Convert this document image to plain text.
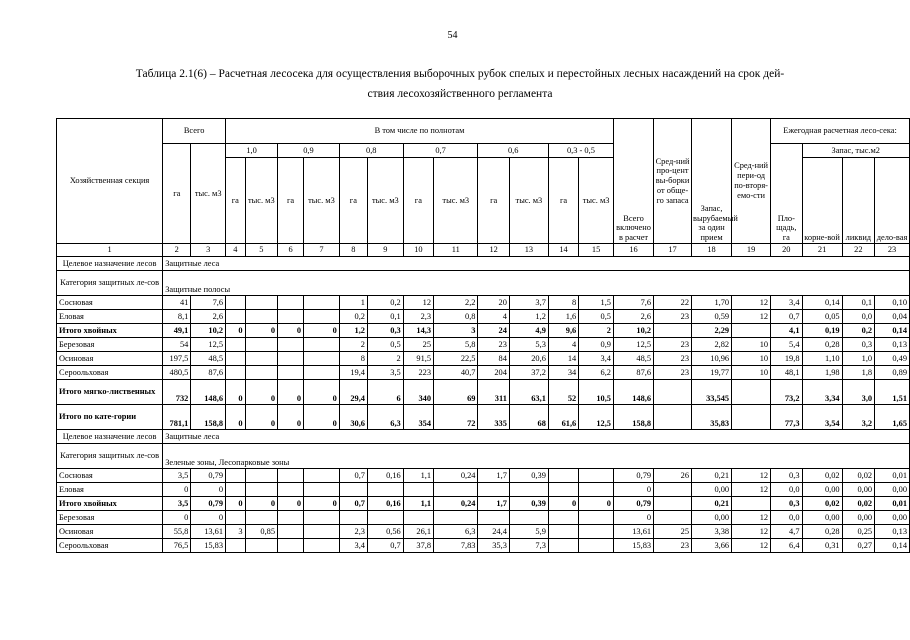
54
Таблица 2.1(6) – Расчетная лесосека для осуществления выборочных рубок спелых и перестойных лесных насаждений на срок дей-
ствия лесохозяйственного регламента
Хозяйственная секция	Всего		В том числе по полнотам												Всего включено в расчет	Сред-ний про-цент вы-борки от обще-го запаса	Запас, вырубаемый за один прием	Сред-ний пери-од по-вторя-емо-сти	Ежегодная расчетная лесо-сека:			
	га	тыс. м3	1,0		0,9		0,8		0,7		0,6		0,3 - 0,5						Пло-щадь, га	Запас, тыс.м2		
			га	тыс. м3	га	тыс. м3	га	тыс. м3	га	тыс. м3	га	тыс. м3	га	тыс. м3						корне-вой	ликвид	дело-вая
1	2	3	4	5	6	7	8	9	10	11	12	13	14	15	16	17	18	19	20	21	22	23
Целевое назначение лесов	Защитные леса																					
Категория защитных ле-сов	Защитные полосы																					
Сосновая	41	7,6					1	0,2	12	2,2	20	3,7	8	1,5	7,6	22	1,70	12	3,4	0,14	0,1	0,10
Еловая	8,1	2,6					0,2	0,1	2,3	0,8	4	1,2	1,6	0,5	2,6	23	0,59	12	0,7	0,05	0,0	0,04
Итого хвойных	49,1	10,2	0	0	0	0	1,2	0,3	14,3	3	24	4,9	9,6	2	10,2		2,29		4,1	0,19	0,2	0,14
Березовая	54	12,5					2	0,5	25	5,8	23	5,3	4	0,9	12,5	23	2,82	10	5,4	0,28	0,3	0,13
Осиновая	197,5	48,5					8	2	91,5	22,5	84	20,6	14	3,4	48,5	23	10,96	10	19,8	1,10	1,0	0,49
Сероольховая	480,5	87,6					19,4	3,5	223	40,7	204	37,2	34	6,2	87,6	23	19,77	10	48,1	1,98	1,8	0,89
Итого мягко-лиственных	732	148,6	0	0	0	0	29,4	6	340	69	311	63,1	52	10,5	148,6		33,545		73,2	3,34	3,0	1,51
Итого по кате-гории	781,1	158,8	0	0	0	0	30,6	6,3	354	72	335	68	61,6	12,5	158,8		35,83		77,3	3,54	3,2	1,65
Целевое назначение лесов	Защитные леса																					
Категория защитных ле-сов	Зеленые зоны, Лесопарковые зоны																					
Сосновая	3,5	0,79					0,7	0,16	1,1	0,24	1,7	0,39			0,79	26	0,21	12	0,3	0,02	0,02	0,01
Еловая	0	0													0		0,00	12	0,0	0,00	0,00	0,00
Итого хвойных	3,5	0,79	0	0	0	0	0,7	0,16	1,1	0,24	1,7	0,39	0	0	0,79		0,21		0,3	0,02	0,02	0,01
Березовая	0	0													0		0,00	12	0,0	0,00	0,00	0,00
Осиновая	55,8	13,61	3	0,85			2,3	0,56	26,1	6,3	24,4	5,9			13,61	25	3,38	12	4,7	0,28	0,25	0,13
Сероольховая	76,5	15,83					3,4	0,7	37,8	7,83	35,3	7,3			15,83	23	3,66	12	6,4	0,31	0,27	0,14
